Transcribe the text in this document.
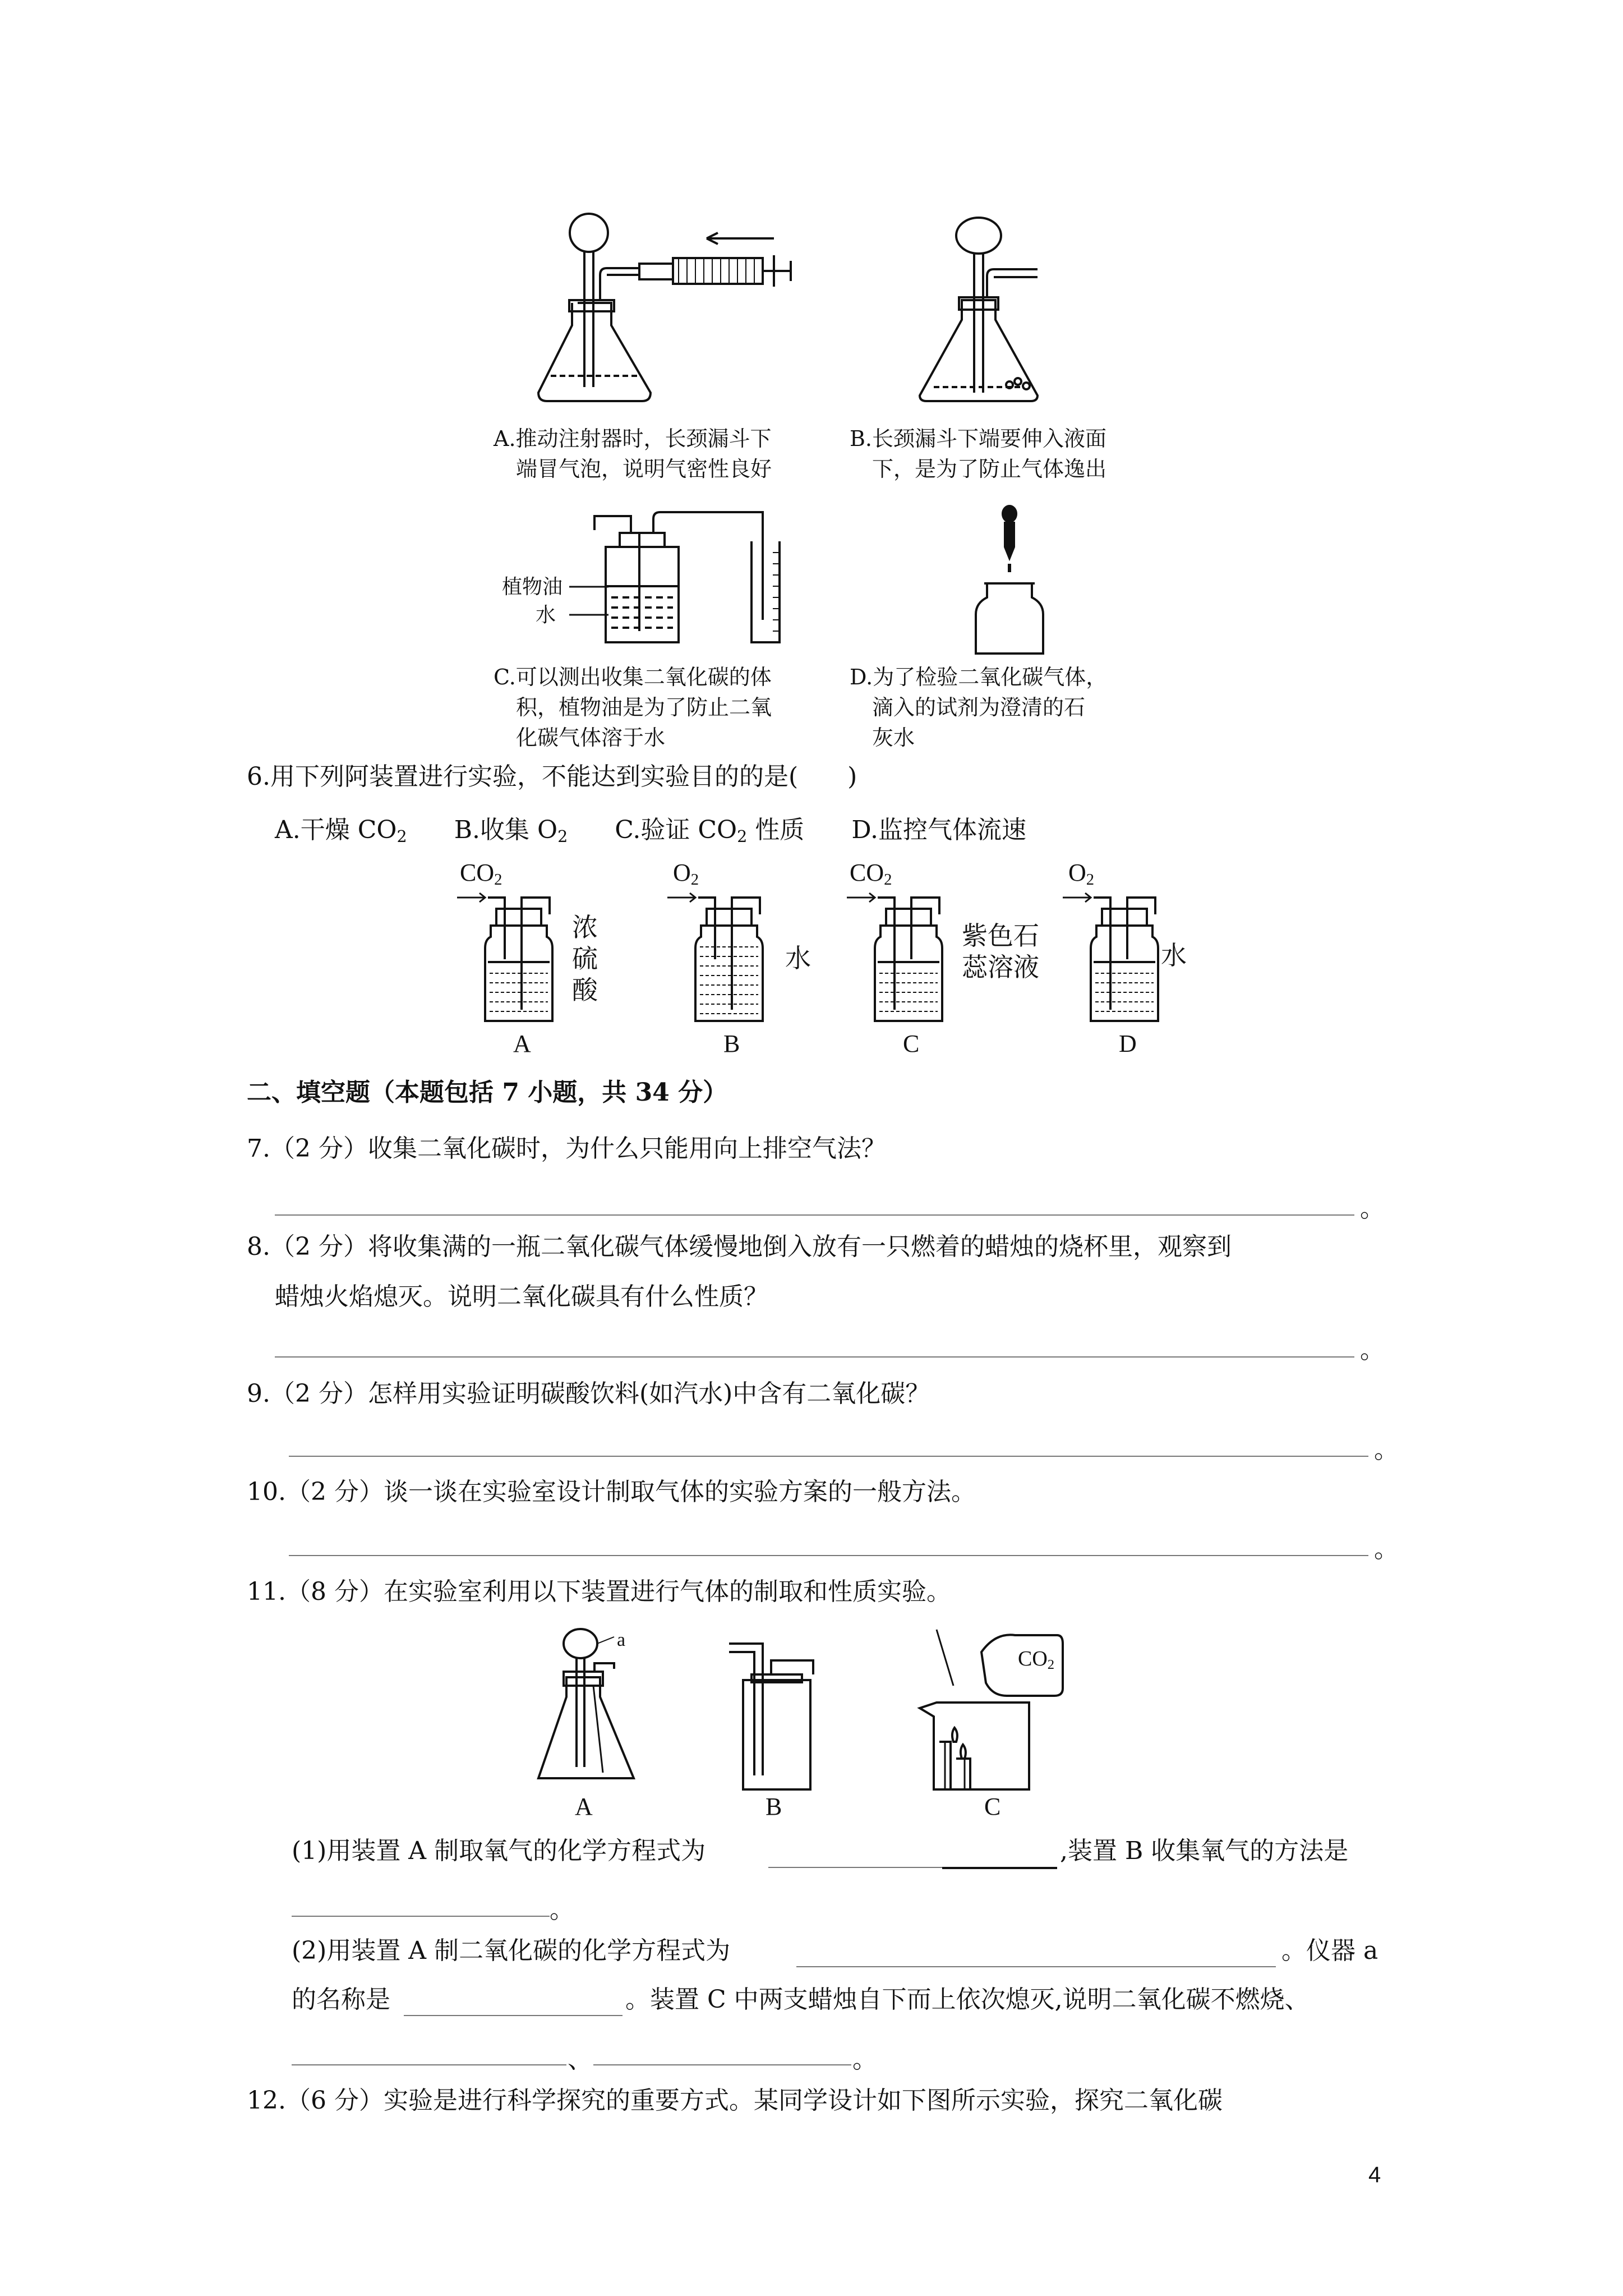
A.推动注射器时，长颈漏斗下
端冒气泡，说明气密性良好
B.长颈漏斗下端要伸入液面
下，是为了防止气体逸出
植物油
水
C.可以测出收集二氧化碳的体
积，植物油是为了防止二氧
化碳气体溶于水
D.为了检验二氧化碳气体，
滴入的试剂为澄清的石
灰水
6.用下列阿装置进行实验，不能达到实验目的的是(　　)
A.干燥 $CO_2$ B.收集 $O_2$ C.验证 $CO_2$ 性质 D.监控气体流速
$CO_2$
浓
硫
酸
A
$O_2$
水
B
$CO_2$
紫色石
蕊溶液
C
$O_2$
水
D
二、填空题（本题包括 7 小题，共 34 分）
7.（2 分）收集二氧化碳时，为什么只能用向上排空气法？
。
8.（2 分）将收集满的一瓶二氧化碳气体缓慢地倒入放有一只燃着的蜡烛的烧杯里，观察到
蜡烛火焰熄灭。说明二氧化碳具有什么性质？
。
9.（2 分）怎样用实验证明碳酸饮料(如汽水)中含有二氧化碳？
。
10.（2 分）谈一谈在实验室设计制取气体的实验方案的一般方法。
。
11.（8 分）在实验室利用以下装置进行气体的制取和性质实验。
a
$CO_2$
A	B	C
(1)用装置 A 制取氧气的化学方程式为	,装置 B 收集氧气的方法是
。
(2)用装置 A 制二氧化碳的化学方程式为	。仪器 a
的名称是	。装置 C 中两支蜡烛自下而上依次熄灭,说明二氧化碳不燃烧、
、	。
12.（6 分）实验是进行科学探究的重要方式。某同学设计如下图所示实验，探究二氧化碳
4
